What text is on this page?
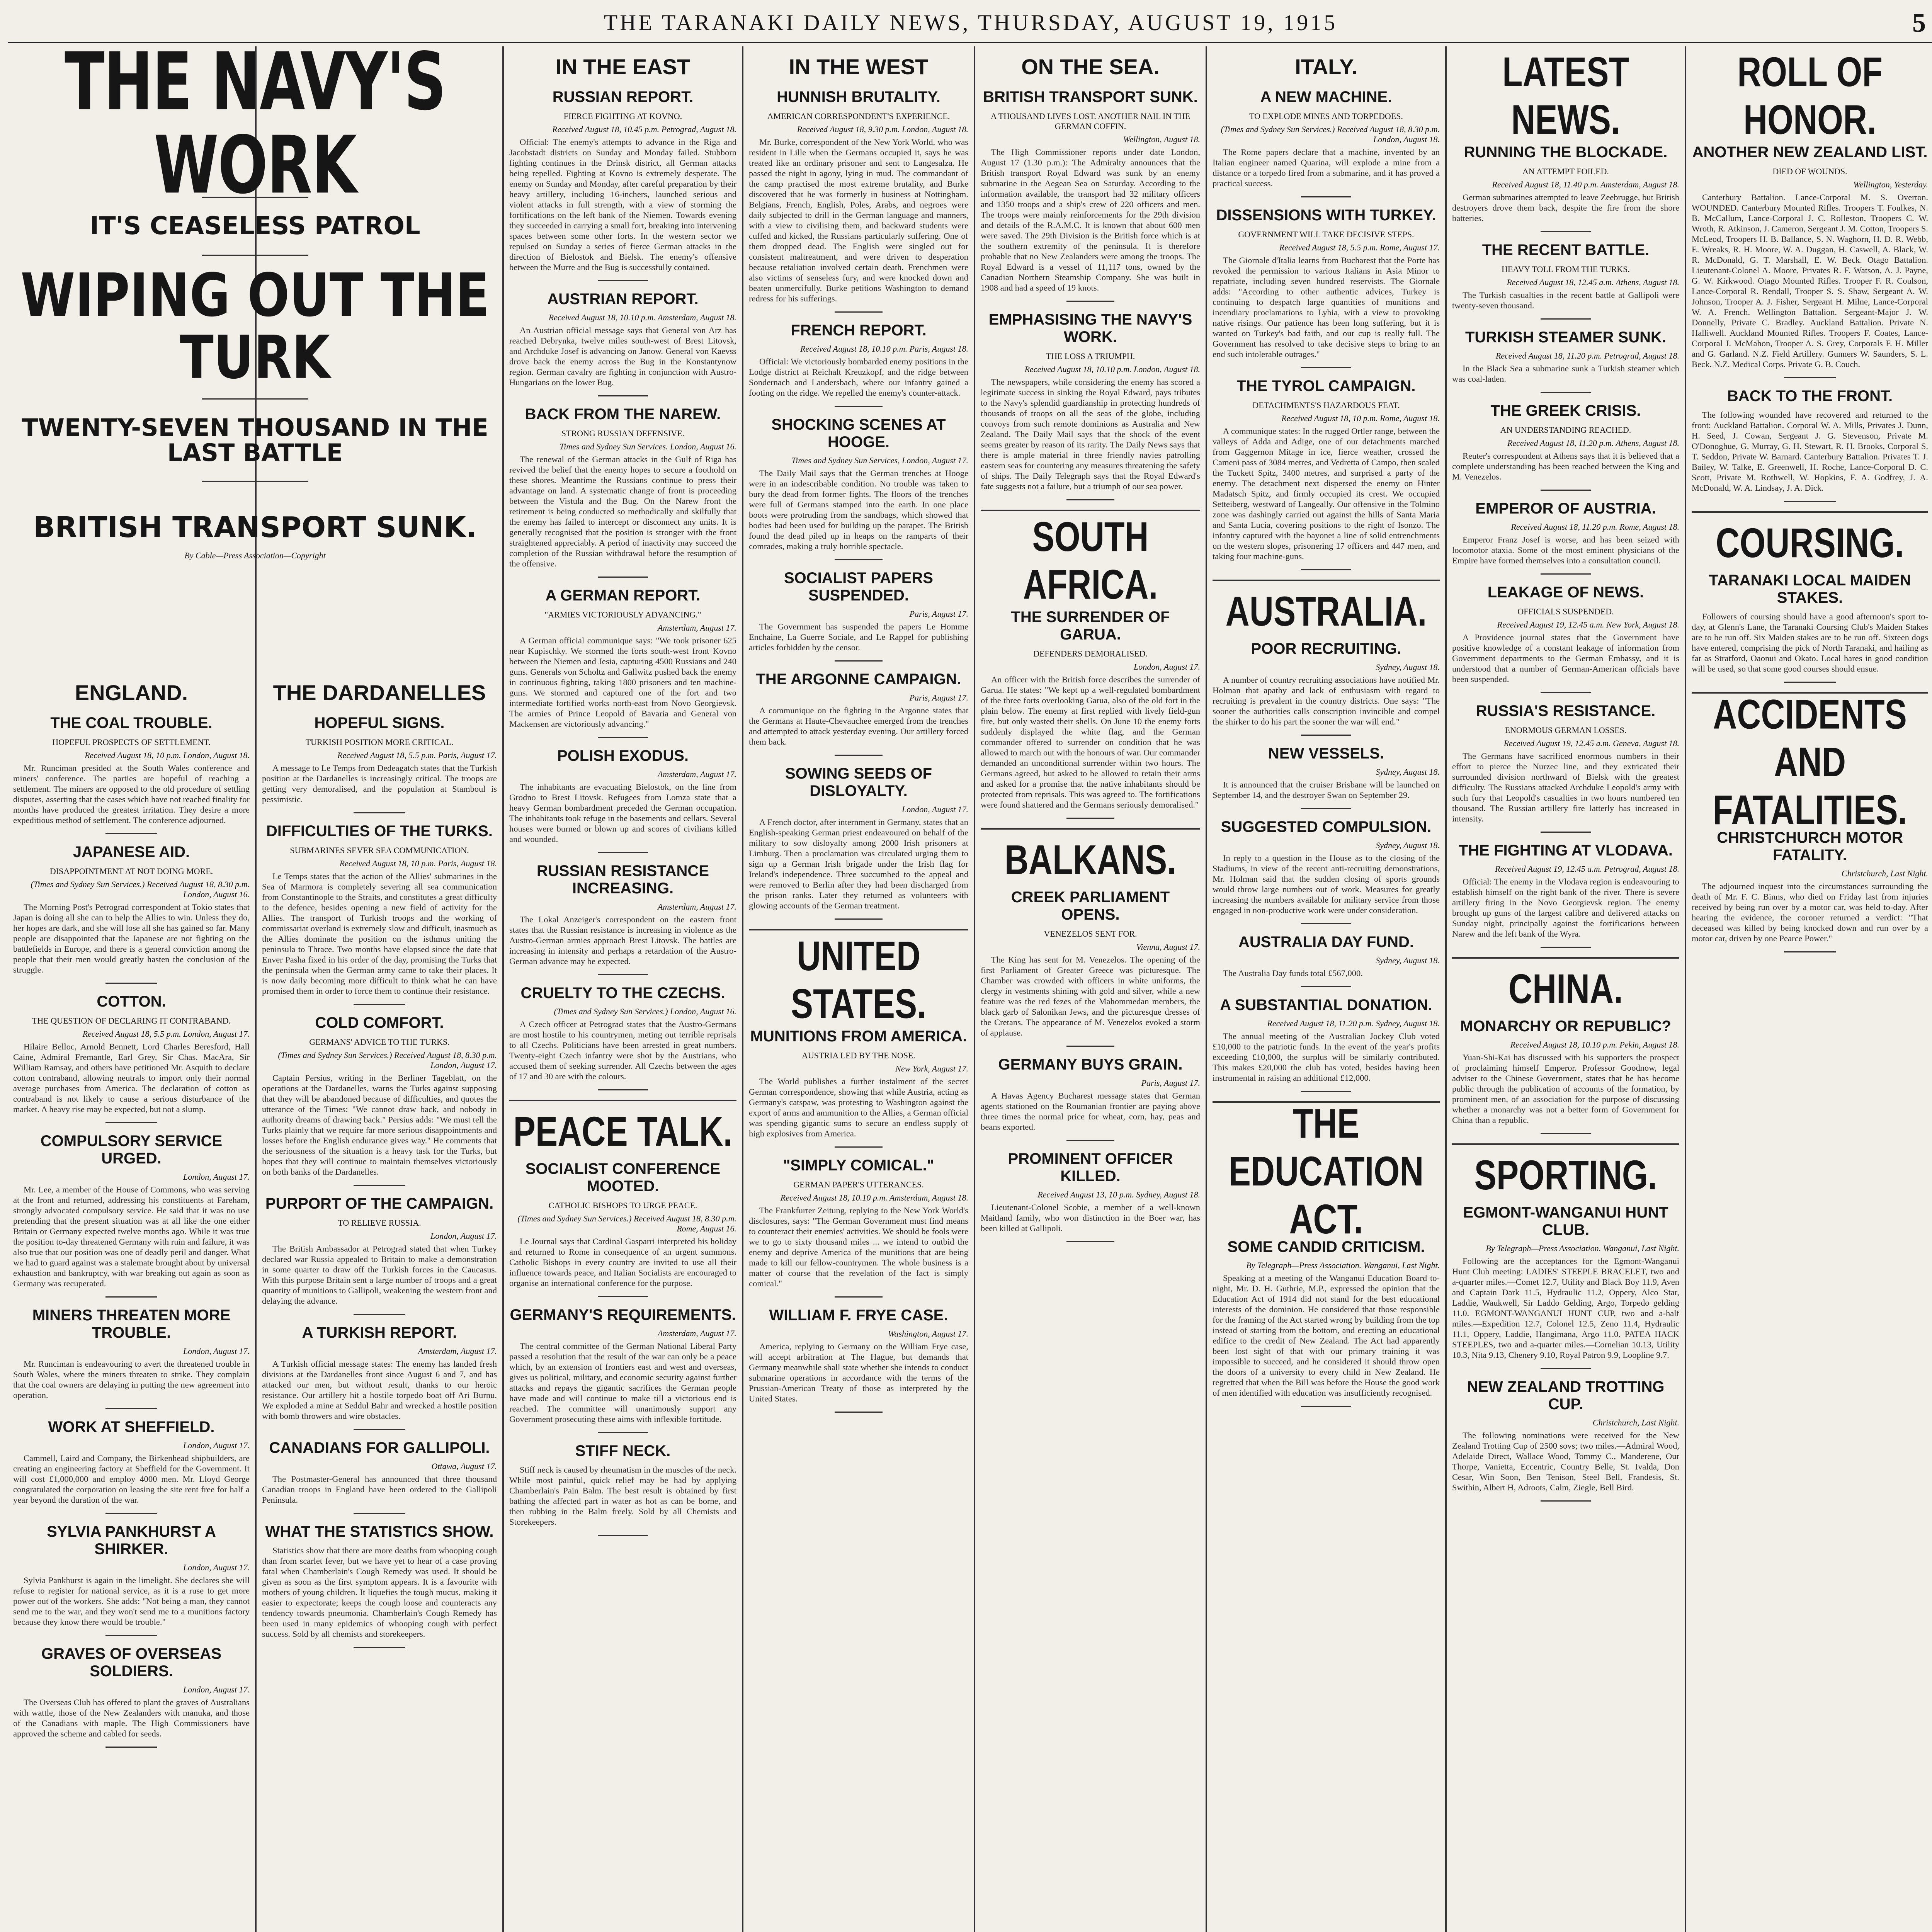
THE TARANAKI DAILY NEWS, THURSDAY, AUGUST 19, 1915	5
THE NAVY'S WORK
IT'S CEASELESS PATROL
WIPING OUT THE TURK
TWENTY-SEVEN THOUSAND IN THE LAST BATTLE
BRITISH TRANSPORT SUNK.
By Cable—Press Association—Copyright
ENGLAND.
THE COAL TROUBLE.
HOPEFUL PROSPECTS OF SETTLEMENT.
Received August 18, 10 p.m. London, August 18.

Mr. Runciman presided at the South Wales conference and miners' conference. The parties are hopeful of reaching a settlement. The miners are opposed to the old procedure of settling disputes, asserting that the cases which have not reached finality for months have produced the greatest irritation. They desire a more expeditious method of settlement. The conference adjourned.

JAPANESE AID.
DISAPPOINTMENT AT NOT DOING MORE.
(Times and Sydney Sun Services.) Received August 18, 8.30 p.m. London, August 16.

The Morning Post's Petrograd correspondent at Tokio states that Japan is doing all she can to help the Allies to win. Unless they do, her hopes are dark, and she will lose all she has gained so far. Many people are disappointed that the Japanese are not fighting on the battlefields in Europe, and there is a general conviction among the people that their men would greatly hasten the conclusion of the struggle.

COTTON.
THE QUESTION OF DECLARING IT CONTRABAND.
Received August 18, 5.5 p.m. London, August 17.

Hilaire Belloc, Arnold Bennett, Lord Charles Beresford, Hall Caine, Admiral Fremantle, Earl Grey, Sir Chas. MacAra, Sir William Ramsay, and others have petitioned Mr. Asquith to declare cotton contraband, allowing neutrals to import only their normal average purchases from America. The declaration of cotton as contraband is not likely to cause a serious disturbance of the market. A heavy rise may be expected, but not a slump.

COMPULSORY SERVICE URGED.
London, August 17.

Mr. Lee, a member of the House of Commons, who was serving at the front and returned, addressing his constituents at Fareham, strongly advocated compulsory service. He said that it was no use pretending that the present situation was at all like the one either Britain or Germany expected twelve months ago. While it was true the position to-day threatened Germany with ruin and failure, it was also true that our position was one of deadly peril and danger. What we had to guard against was a stalemate brought about by universal exhaustion and bankruptcy, with war breaking out again as soon as Germany was recuperated.

MINERS THREATEN MORE TROUBLE.
London, August 17.

Mr. Runciman is endeavouring to avert the threatened trouble in South Wales, where the miners threaten to strike. They complain that the coal owners are delaying in putting the new agreement into operation.

WORK AT SHEFFIELD.
London, August 17.

Cammell, Laird and Company, the Birkenhead shipbuilders, are creating an engineering factory at Sheffield for the Government. It will cost £1,000,000 and employ 4000 men. Mr. Lloyd George congratulated the corporation on leasing the site rent free for half a year beyond the duration of the war.

SYLVIA PANKHURST A SHIRKER.
London, August 17.

Sylvia Pankhurst is again in the limelight. She declares she will refuse to register for national service, as it is a ruse to get more power out of the workers. She adds: "Not being a man, they cannot send me to the war, and they won't send me to a munitions factory because they know there would be trouble."

GRAVES OF OVERSEAS SOLDIERS.
London, August 17.

The Overseas Club has offered to plant the graves of Australians with wattle, those of the New Zealanders with manuka, and those of the Canadians with maple. The High Commissioners have approved the scheme and cabled for seeds.

THE DARDANELLES
HOPEFUL SIGNS.
TURKISH POSITION MORE CRITICAL.
Received August 18, 5.5 p.m. Paris, August 17.

A message to Le Temps from Dedeagatch states that the Turkish position at the Dardanelles is increasingly critical. The troops are getting very demoralised, and the population at Stamboul is pessimistic.

DIFFICULTIES OF THE TURKS.
SUBMARINES SEVER SEA COMMUNICATION.
Received August 18, 10 p.m. Paris, August 18.

Le Temps states that the action of the Allies' submarines in the Sea of Marmora is completely severing all sea communication from Constantinople to the Straits, and constitutes a great difficulty to the defence, besides opening a new field of activity for the Allies. The transport of Turkish troops and the working of commissariat overland is extremely slow and difficult, inasmuch as the Allies dominate the position on the isthmus uniting the peninsula to Thrace. Two months have elapsed since the date that Enver Pasha fixed in his order of the day, promising the Turks that the peninsula when the German army came to take their places. It is now daily becoming more difficult to think what he can have promised them in order to force them to continue their resistance.

COLD COMFORT.
GERMANS' ADVICE TO THE TURKS.
(Times and Sydney Sun Services.) Received August 18, 8.30 p.m. London, August 17.

Captain Persius, writing in the Berliner Tageblatt, on the operations at the Dardanelles, warns the Turks against supposing that they will be abandoned because of difficulties, and quotes the utterance of the Times: "We cannot draw back, and nobody in authority dreams of drawing back." Persius adds: "We must tell the Turks plainly that we require far more serious disappointments and losses before the English endurance gives way." He comments that the seriousness of the situation is a heavy task for the Turks, but hopes that they will continue to maintain themselves victoriously on both banks of the Dardanelles.

PURPORT OF THE CAMPAIGN.
TO RELIEVE RUSSIA.
London, August 17.

The British Ambassador at Petrograd stated that when Turkey declared war Russia appealed to Britain to make a demonstration in some quarter to draw off the Turkish forces in the Caucasus. With this purpose Britain sent a large number of troops and a great quantity of munitions to Gallipoli, weakening the western front and delaying the advance.

A TURKISH REPORT.
Amsterdam, August 17.

A Turkish official message states: The enemy has landed fresh divisions at the Dardanelles front since August 6 and 7, and has attacked our men, but without result, thanks to our heroic resistance. Our artillery hit a hostile torpedo boat off Ari Burnu. We exploded a mine at Seddul Bahr and wrecked a hostile position with bomb throwers and wire obstacles.

CANADIANS FOR GALLIPOLI.
Ottawa, August 17.

The Postmaster-General has announced that three thousand Canadian troops in England have been ordered to the Gallipoli Peninsula.

WHAT THE STATISTICS SHOW.

Statistics show that there are more deaths from whooping cough than from scarlet fever, but we have yet to hear of a case proving fatal when Chamberlain's Cough Remedy was used. It should be given as soon as the first symptom appears. It is a favourite with mothers of young children. It liquefies the tough mucus, making it easier to expectorate; keeps the cough loose and counteracts any tendency towards pneumonia. Chamberlain's Cough Remedy has been used in many epidemics of whooping cough with perfect success. Sold by all chemists and storekeepers.

IN THE EAST
RUSSIAN REPORT.
FIERCE FIGHTING AT KOVNO.
Received August 18, 10.45 p.m. Petrograd, August 18.

Official: The enemy's attempts to advance in the Riga and Jacobstadt districts on Sunday and Monday failed. Stubborn fighting continues in the Drinsk district, all German attacks being repelled. Fighting at Kovno is extremely desperate. The enemy on Sunday and Monday, after careful preparation by their heavy artillery, including 16-inchers, launched serious and violent attacks in full strength, with a view of storming the fortifications on the left bank of the Niemen. Towards evening they succeeded in carrying a small fort, breaking into intervening spaces between some other forts. In the western sector we repulsed on Sunday a series of fierce German attacks in the direction of Bielostok and Bielsk. The enemy's offensive between the Murre and the Bug is successfully contained.

AUSTRIAN REPORT.
Received August 18, 10.10 p.m. Amsterdam, August 18.

An Austrian official message says that General von Arz has reached Debrynka, twelve miles south-west of Brest Litovsk, and Archduke Josef is advancing on Janow. General von Kaevss drove back the enemy across the Bug in the Konstantynow region. German cavalry are fighting in conjunction with Austro-Hungarians on the lower Bug.

BACK FROM THE NAREW.
STRONG RUSSIAN DEFENSIVE.
Times and Sydney Sun Services. London, August 16.

The renewal of the German attacks in the Gulf of Riga has revived the belief that the enemy hopes to secure a foothold on these shores. Meantime the Russians continue to press their advantage on land. A systematic change of front is proceeding between the Vistula and the Bug. On the Narew front the retirement is being conducted so methodically and skilfully that the enemy has failed to intercept or disconnect any units. It is generally recognised that the position is stronger with the front straightened appreciably. A period of inactivity may succeed the completion of the Russian withdrawal before the resumption of the offensive.

A GERMAN REPORT.
"ARMIES VICTORIOUSLY ADVANCING."
Amsterdam, August 17.

A German official communique says: "We took prisoner 625 near Kupischky. We stormed the forts south-west front Kovno between the Niemen and Jesia, capturing 4500 Russians and 240 guns. Generals von Scholtz and Gallwitz pushed back the enemy in continuous fighting, taking 1800 prisoners and ten machine-guns. We stormed and captured one of the fort and two intermediate fortified works north-east from Novo Georgievsk. The armies of Prince Leopold of Bavaria and General von Mackensen are victoriously advancing."

POLISH EXODUS.
Amsterdam, August 17.

The inhabitants are evacuating Bielostok, on the line from Grodno to Brest Litovsk. Refugees from Lomza state that a heavy German bombardment preceded the German occupation. The inhabitants took refuge in the basements and cellars. Several houses were burned or blown up and scores of civilians killed and wounded.

RUSSIAN RESISTANCE INCREASING.
Amsterdam, August 17.

The Lokal Anzeiger's correspondent on the eastern front states that the Russian resistance is increasing in violence as the Austro-German armies approach Brest Litovsk. The battles are increasing in intensity and perhaps a retardation of the Austro-German advance may be expected.

CRUELTY TO THE CZECHS.
(Times and Sydney Sun Services.) London, August 16.

A Czech officer at Petrograd states that the Austro-Germans are most hostile to his countrymen, meting out terrible reprisals to all Czechs. Politicians have been arrested in great numbers. Twenty-eight Czech infantry were shot by the Austrians, who accused them of seeking surrender. All Czechs between the ages of 17 and 30 are with the colours.

PEACE TALK.
SOCIALIST CONFERENCE MOOTED.
CATHOLIC BISHOPS TO URGE PEACE.
(Times and Sydney Sun Services.) Received August 18, 8.30 p.m. Rome, August 16.

Le Journal says that Cardinal Gasparri interpreted his holiday and returned to Rome in consequence of an urgent summons. Catholic Bishops in every country are invited to use all their influence towards peace, and Italian Socialists are encouraged to organise an international conference for the purpose.

GERMANY'S REQUIREMENTS.
Amsterdam, August 17.

The central committee of the German National Liberal Party passed a resolution that the result of the war can only be a peace which, by an extension of frontiers east and west and overseas, gives us political, military, and economic security against further attacks and repays the gigantic sacrifices the German people have made and will continue to make till a victorious end is reached. The committee will unanimously support any Government prosecuting these aims with inflexible fortitude.

STIFF NECK.

Stiff neck is caused by rheumatism in the muscles of the neck. While most painful, quick relief may be had by applying Chamberlain's Pain Balm. The best result is obtained by first bathing the affected part in water as hot as can be borne, and then rubbing in the Balm freely. Sold by all Chemists and Storekeepers.

IN THE WEST
HUNNISH BRUTALITY.
AMERICAN CORRESPONDENT'S EXPERIENCE.
Received August 18, 9.30 p.m. London, August 18.

Mr. Burke, correspondent of the New York World, who was resident in Lille when the Germans occupied it, says he was treated like an ordinary prisoner and sent to Langesalza. He passed the night in agony, lying in mud. The commandant of the camp practised the most extreme brutality, and Burke discovered that he was formerly in business at Nottingham. Belgians, French, English, Poles, Arabs, and negroes were daily subjected to drill in the German language and manners, with a view to civilising them, and backward students were cuffed and kicked, the Russians particularly suffering. One of them dropped dead. The English were singled out for consistent maltreatment, and were driven to desperation because retaliation involved certain death. Frenchmen were also victims of senseless fury, and were knocked down and beaten unmercifully. Burke petitions Washington to demand redress for his sufferings.

FRENCH REPORT.
Received August 18, 10.10 p.m. Paris, August 18.

Official: We victoriously bombarded enemy positions in the Lodge district at Reichalt Kreuzkopf, and the ridge between Sondernach and Landersbach, where our infantry gained a footing on the ridge. We repelled the enemy's counter-attack.

SHOCKING SCENES AT HOOGE.
Times and Sydney Sun Services, London, August 17.

The Daily Mail says that the German trenches at Hooge were in an indescribable condition. No trouble was taken to bury the dead from former fights. The floors of the trenches were full of Germans stamped into the earth. In one place boots were protruding from the sandbags, which showed that bodies had been used for building up the parapet. The British found the dead piled up in heaps on the ramparts of their comrades, making a truly horrible spectacle.

SOCIALIST PAPERS SUSPENDED.
Paris, August 17.

The Government has suspended the papers Le Homme Enchaine, La Guerre Sociale, and Le Rappel for publishing articles forbidden by the censor.

THE ARGONNE CAMPAIGN.
Paris, August 17.

A communique on the fighting in the Argonne states that the Germans at Haute-Chevauchee emerged from the trenches and attempted to attack yesterday evening. Our artillery forced them back.

SOWING SEEDS OF DISLOYALTY.
London, August 17.

A French doctor, after internment in Germany, states that an English-speaking German priest endeavoured on behalf of the military to sow disloyalty among 2000 Irish prisoners at Limburg. Then a proclamation was circulated urging them to sign up a German Irish brigade under the Irish flag for Ireland's independence. Three succumbed to the appeal and were removed to Berlin after they had been discharged from the prison ranks. Later they returned as volunteers with glowing accounts of the German treatment.

UNITED STATES.
MUNITIONS FROM AMERICA.
AUSTRIA LED BY THE NOSE.
New York, August 17.

The World publishes a further instalment of the secret German correspondence, showing that while Austria, acting as Germany's catspaw, was protesting to Washington against the export of arms and ammunition to the Allies, a German official was spending gigantic sums to secure an endless supply of high explosives from America.

"SIMPLY COMICAL."
GERMAN PAPER'S UTTERANCES.
Received August 18, 10.10 p.m. Amsterdam, August 18.

The Frankfurter Zeitung, replying to the New York World's disclosures, says: "The German Government must find means to counteract their enemies' activities. We should be fools were we to go to sixty thousand miles ... we intend to outbid the enemy and deprive America of the munitions that are being made to kill our fellow-countrymen. The whole business is a matter of course that the revelation of the fact is simply comical."

WILLIAM F. FRYE CASE.
Washington, August 17.

America, replying to Germany on the William Frye case, will accept arbitration at The Hague, but demands that Germany meanwhile shall state whether she intends to conduct submarine operations in accordance with the terms of the Prussian-American Treaty of those as interpreted by the United States.

ON THE SEA.
BRITISH TRANSPORT SUNK.
A THOUSAND LIVES LOST. ANOTHER NAIL IN THE GERMAN COFFIN.
Wellington, August 18.

The High Commissioner reports under date London, August 17 (1.30 p.m.): The Admiralty announces that the British transport Royal Edward was sunk by an enemy submarine in the Aegean Sea on Saturday. According to the information available, the transport had 32 military officers and 1350 troops and a ship's crew of 220 officers and men. The troops were mainly reinforcements for the 29th division and details of the R.A.M.C. It is known that about 600 men were saved. The 29th Division is the British force which is at the southern extremity of the peninsula. It is therefore probable that no New Zealanders were among the troops. The Royal Edward is a vessel of 11,117 tons, owned by the Canadian Northern Steamship Company. She was built in 1908 and had a speed of 19 knots.

EMPHASISING THE NAVY'S WORK.
THE LOSS A TRIUMPH.
Received August 18, 10.10 p.m. London, August 18.

The newspapers, while considering the enemy has scored a legitimate success in sinking the Royal Edward, pays tributes to the Navy's splendid guardianship in protecting hundreds of thousands of troops on all the seas of the globe, including convoys from such remote dominions as Australia and New Zealand. The Daily Mail says that the shock of the event seems greater by reason of its rarity. The Daily News says that there is ample material in three friendly navies patrolling eastern seas for countering any measures threatening the safety of ships. The Daily Telegraph says that the Royal Edward's fate suggests not a failure, but a triumph of our sea power.

SOUTH AFRICA.
THE SURRENDER OF GARUA.
DEFENDERS DEMORALISED.
London, August 17.

An officer with the British force describes the surrender of Garua. He states: "We kept up a well-regulated bombardment of the three forts overlooking Garua, also of the old fort in the plain below. The enemy at first replied with lively field-gun fire, but only wasted their shells. On June 10 the enemy forts suddenly displayed the white flag, and the German commander offered to surrender on condition that he was allowed to march out with the honours of war. Our commander demanded an unconditional surrender within two hours. The Germans agreed, but asked to be allowed to retain their arms and asked for a promise that the native inhabitants should be protected from reprisals. This was agreed to. The fortifications were found shattered and the Germans seriously demoralised."

BALKANS.
CREEK PARLIAMENT OPENS.
VENEZELOS SENT FOR.
Vienna, August 17.

The King has sent for M. Venezelos. The opening of the first Parliament of Greater Greece was picturesque. The Chamber was crowded with officers in white uniforms, the clergy in vestments shining with gold and silver, while a new feature was the red fezes of the Mahommedan members, the black garb of Salonikan Jews, and the picturesque dresses of the Cretans. The appearance of M. Venezelos evoked a storm of applause.

GERMANY BUYS GRAIN.
Paris, August 17.

A Havas Agency Bucharest message states that German agents stationed on the Roumanian frontier are paying above three times the normal price for wheat, corn, hay, peas and beans exported.

PROMINENT OFFICER KILLED.
Received August 13, 10 p.m. Sydney, August 18.

Lieutenant-Colonel Scobie, a member of a well-known Maitland family, who won distinction in the Boer war, has been killed at Gallipoli.

ITALY.
A NEW MACHINE.
TO EXPLODE MINES AND TORPEDOES.
(Times and Sydney Sun Services.) Received August 18, 8.30 p.m. London, August 18.

The Rome papers declare that a machine, invented by an Italian engineer named Quarina, will explode a mine from a distance or a torpedo fired from a submarine, and it has proved a practical success.

DISSENSIONS WITH TURKEY.
GOVERNMENT WILL TAKE DECISIVE STEPS.
Received August 18, 5.5 p.m. Rome, August 17.

The Giornale d'Italia learns from Bucharest that the Porte has revoked the permission to various Italians in Asia Minor to repatriate, including seven hundred reservists. The Giornale adds: "According to other authentic advices, Turkey is continuing to despatch large quantities of munitions and incendiary proclamations to Lybia, with a view to provoking native risings. Our patience has been long suffering, but it is wanted on Turkey's bad faith, and our cup is really full. The Government has resolved to take decisive steps to bring to an end such intolerable outrages."

THE TYROL CAMPAIGN.
DETACHMENTS'S HAZARDOUS FEAT.
Received August 18, 10 p.m. Rome, August 18.

A communique states: In the rugged Ortler range, between the valleys of Adda and Adige, one of our detachments marched from Gaggernon Mitage in ice, fierce weather, crossed the Cameni pass of 3084 metres, and Vedretta of Campo, then scaled the Tuckett Spitz, 3400 metres, and surprised a party of the enemy. The detachment next dispersed the enemy on Hinter Madatsch Spitz, and firmly occupied its crest. We occupied Setteiberg, westward of Langeally. Our offensive in the Tolmino zone was dashingly carried out against the hills of Santa Maria and Santa Lucia, covering positions to the right of Isonzo. The infantry captured with the bayonet a line of solid entrenchments on the western slopes, prisonering 17 officers and 447 men, and taking four machine-guns.

AUSTRALIA.
POOR RECRUITING.
Sydney, August 18.

A number of country recruiting associations have notified Mr. Holman that apathy and lack of enthusiasm with regard to recruiting is prevalent in the country districts. One says: "The sooner the authorities calls conscription invincible and compel the shirker to do his part the sooner the war will end."

NEW VESSELS.
Sydney, August 18.

It is announced that the cruiser Brisbane will be launched on September 14, and the destroyer Swan on September 29.

SUGGESTED COMPULSION.
Sydney, August 18.

In reply to a question in the House as to the closing of the Stadiums, in view of the recent anti-recruiting demonstrations, Mr. Holman said that the sudden closing of sports grounds would throw large numbers out of work. Measures for greatly increasing the numbers available for military service from those engaged in non-productive work were under consideration.

AUSTRALIA DAY FUND.
Sydney, August 18.

The Australia Day funds total £567,000.

A SUBSTANTIAL DONATION.
Received August 18, 11.20 p.m. Sydney, August 18.

The annual meeting of the Australian Jockey Club voted £10,000 to the patriotic funds. In the event of the year's profits exceeding £10,000, the surplus will be similarly contributed. This makes £20,000 the club has voted, besides having been instrumental in raising an additional £12,000.

THE EDUCATION ACT.
SOME CANDID CRITICISM.
By Telegraph—Press Association. Wanganui, Last Night.

Speaking at a meeting of the Wanganui Education Board to-night, Mr. D. H. Guthrie, M.P., expressed the opinion that the Education Act of 1914 did not stand for the best educational interests of the dominion. He considered that those responsible for the framing of the Act started wrong by building from the top instead of starting from the bottom, and erecting an educational edifice to the credit of New Zealand. The Act had apparently been lost sight of that with our primary training it was impossible to succeed, and he considered it should throw open the doors of a university to every child in New Zealand. He regretted that when the Bill was before the House the good work of men identified with education was insufficiently recognised.

LATEST NEWS.
RUNNING THE BLOCKADE.
AN ATTEMPT FOILED.
Received August 18, 11.40 p.m. Amsterdam, August 18.

German submarines attempted to leave Zeebrugge, but British destroyers drove them back, despite the fire from the shore batteries.

THE RECENT BATTLE.
HEAVY TOLL FROM THE TURKS.
Received August 18, 12.45 a.m. Athens, August 18.

The Turkish casualties in the recent battle at Gallipoli were twenty-seven thousand.

TURKISH STEAMER SUNK.
Received August 18, 11.20 p.m. Petrograd, August 18.

In the Black Sea a submarine sunk a Turkish steamer which was coal-laden.

THE GREEK CRISIS.
AN UNDERSTANDING REACHED.
Received August 18, 11.20 p.m. Athens, August 18.

Reuter's correspondent at Athens says that it is believed that a complete understanding has been reached between the King and M. Venezelos.

EMPEROR OF AUSTRIA.
Received August 18, 11.20 p.m. Rome, August 18.

Emperor Franz Josef is worse, and has been seized with locomotor ataxia. Some of the most eminent physicians of the Empire have formed themselves into a consultation council.

LEAKAGE OF NEWS.
OFFICIALS SUSPENDED.
Received August 19, 12.45 a.m. New York, August 18.

A Providence journal states that the Government have positive knowledge of a constant leakage of information from Government departments to the German Embassy, and it is understood that a number of German-American officials have been suspended.

RUSSIA'S RESISTANCE.
ENORMOUS GERMAN LOSSES.
Received August 19, 12.45 a.m. Geneva, August 18.

The Germans have sacrificed enormous numbers in their effort to pierce the Nurzec line, and they extricated their surrounded division northward of Bielsk with the greatest difficulty. The Russians attacked Archduke Leopold's army with such fury that Leopold's casualties in two hours numbered ten thousand. The Russian artillery fire latterly has increased in intensity.

THE FIGHTING AT VLODAVA.
Received August 19, 12.45 a.m. Petrograd, August 18.

Official: The enemy in the Vlodava region is endeavouring to establish himself on the right bank of the river. There is severe artillery firing in the Novo Georgievsk region. The enemy brought up guns of the largest calibre and delivered attacks on Sunday night, principally against the fortifications between Narew and the left bank of the Wyra.

CHINA.
MONARCHY OR REPUBLIC?
Received August 18, 10.10 p.m. Pekin, August 18.

Yuan-Shi-Kai has discussed with his supporters the prospect of proclaiming himself Emperor. Professor Goodnow, legal adviser to the Chinese Government, states that he has become public through the publication of accounts of the formation, by prominent men, of an association for the purpose of discussing whether a monarchy was not a better form of Government for China than a republic.

SPORTING.
EGMONT-WANGANUI HUNT CLUB.
By Telegraph—Press Association. Wanganui, Last Night.

Following are the acceptances for the Egmont-Wanganui Hunt Club meeting: LADIES' STEEPLE BRACELET, two and a-quarter miles.—Comet 12.7, Utility and Black Boy 11.9, Aven and Captain Dark 11.5, Hydraulic 11.2, Oppery, Alco Star, Laddie, Waukwell, Sir Laddo Gelding, Argo, Torpedo gelding 11.0. EGMONT-WANGANUI HUNT CUP, two and a-half miles.—Expedition 12.7, Colonel 12.5, Zeno 11.4, Hydraulic 11.1, Oppery, Laddie, Hangimana, Argo 11.0. PATEA HACK STEEPLES, two and a-quarter miles.—Cornelian 10.13, Utility 10.3, Nita 9.13, Chenery 9.10, Royal Patron 9.9, Loopline 9.7.

NEW ZEALAND TROTTING CUP.
Christchurch, Last Night.

The following nominations were received for the New Zealand Trotting Cup of 2500 sovs; two miles.—Admiral Wood, Adelaide Direct, Wallace Wood, Tommy C., Manderene, Our Thorpe, Vanietta, Eccentric, Country Belle, St. Ivalda, Don Cesar, Win Soon, Ben Tenison, Steel Bell, Frandesis, St. Swithin, Albert H, Adroots, Calm, Ziegle, Bell Bird.

ROLL OF HONOR.
ANOTHER NEW ZEALAND LIST.
DIED OF WOUNDS.
Wellington, Yesterday.

Canterbury Battalion. Lance-Corporal M. S. Overton. WOUNDED. Canterbury Mounted Rifles. Troopers T. Foulkes, N. B. McCallum, Lance-Corporal J. C. Rolleston, Troopers C. W. Wroth, R. Atkinson, J. Cameron, Sergeant J. M. Cotton, Troopers S. McLeod, Troopers H. B. Ballance, S. N. Waghorn, H. D. R. Webb, E. Wreaks, R. H. Moore, W. A. Duggan, H. Caswell, A. Black, W. R. McDonald, G. T. Marshall, E. W. Beck. Otago Battalion. Lieutenant-Colonel A. Moore, Privates R. F. Watson, A. J. Payne, G. W. Kirkwood. Otago Mounted Rifles. Trooper F. R. Coulson, Lance-Corporal R. Rendall, Trooper S. S. Shaw, Sergeant A. W. Johnson, Trooper A. J. Fisher, Sergeant H. Milne, Lance-Corporal W. A. French. Wellington Battalion. Sergeant-Major J. W. Donnelly, Private C. Bradley. Auckland Battalion. Private N. Halliwell. Auckland Mounted Rifles. Troopers F. Coates, Lance-Corporal J. McMahon, Trooper A. S. Grey, Corporals F. H. Miller and G. Garland. N.Z. Field Artillery. Gunners W. Saunders, S. L. Beck. N.Z. Medical Corps. Private G. B. Couch.

BACK TO THE FRONT.

The following wounded have recovered and returned to the front: Auckland Battalion. Corporal W. A. Mills, Privates J. Dunn, H. Seed, J. Cowan, Sergeant J. G. Stevenson, Private M. O'Donoghue, G. Murray, G. H. Stewart, R. H. Brooks, Corporal S. T. Seddon, Private W. Barnard. Canterbury Battalion. Privates T. J. Bailey, W. Talke, E. Greenwell, H. Roche, Lance-Corporal D. C. Scott, Private M. Rothwell, W. Hopkins, F. A. Godfrey, J. A. McDonald, W. A. Lindsay, J. A. Dick.

COURSING.
TARANAKI LOCAL MAIDEN STAKES.

Followers of coursing should have a good afternoon's sport to-day, at Glenn's Lane, the Taranaki Coursing Club's Maiden Stakes are to be run off. Six Maiden stakes are to be run off. Sixteen dogs have entered, comprising the pick of North Taranaki, and hailing as far as Stratford, Oaonui and Okato. Local hares in good condition will be used, so that some good courses should ensue.

ACCIDENTS AND FATALITIES.
CHRISTCHURCH MOTOR FATALITY.
Christchurch, Last Night.

The adjourned inquest into the circumstances surrounding the death of Mr. F. C. Binns, who died on Friday last from injuries received by being run over by a motor car, was held to-day. After hearing the evidence, the coroner returned a verdict: "That deceased was killed by being knocked down and run over by a motor car, driven by one Pearce Power."
